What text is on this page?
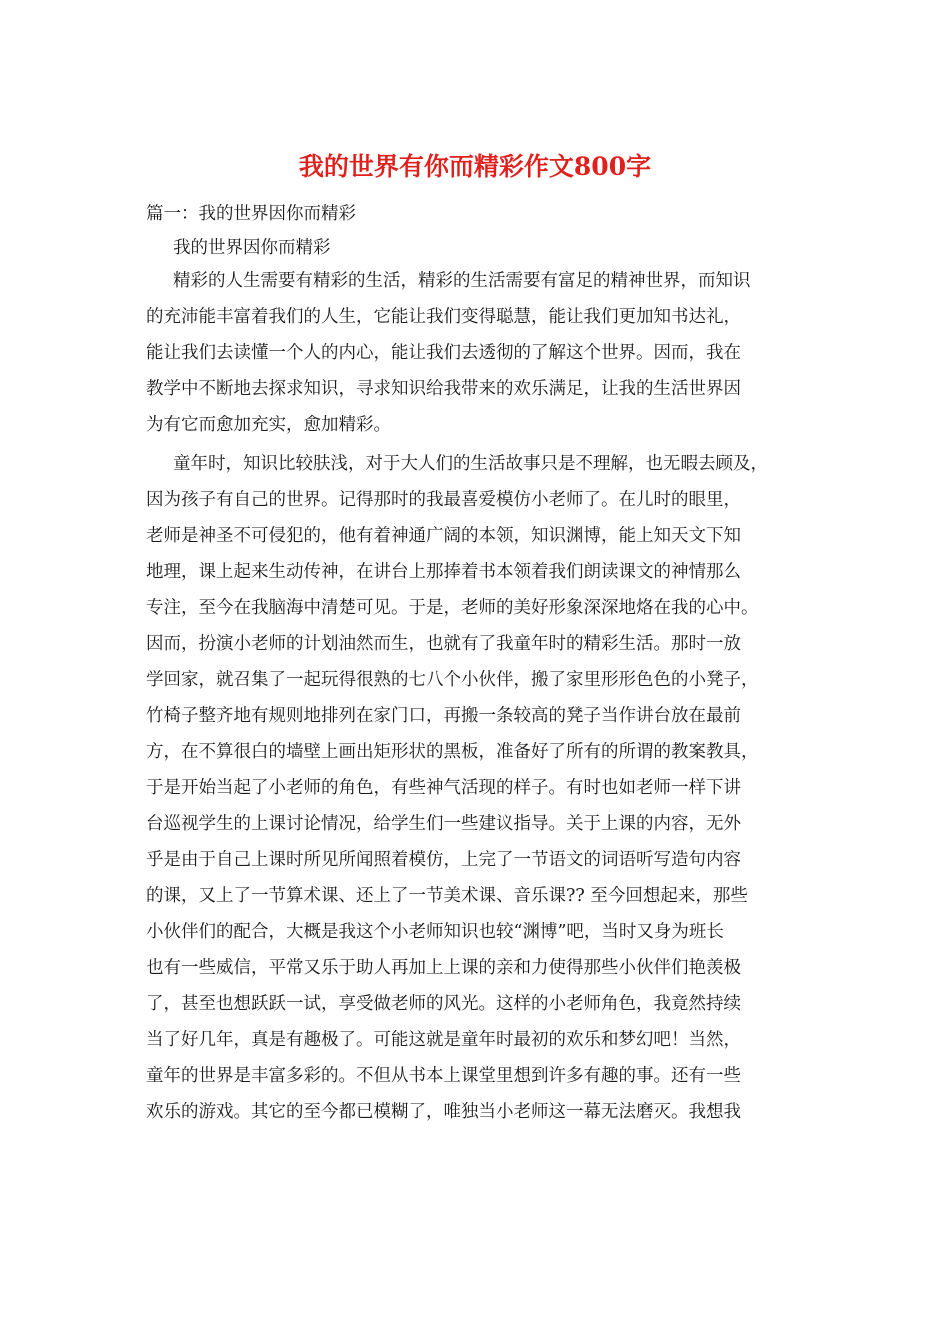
我的世界有你而精彩作文800字

篇一：我的世界因你而精彩

我的世界因你而精彩

精彩的人生需要有精彩的生活，精彩的生活需要有富足的精神世界，而知识

的充沛能丰富着我们的人生，它能让我们变得聪慧，能让我们更加知书达礼，

能让我们去读懂一个人的内心，能让我们去透彻的了解这个世界。因而，我在

教学中不断地去探求知识，寻求知识给我带来的欢乐满足，让我的生活世界因

为有它而愈加充实，愈加精彩。

童年时，知识比较肤浅，对于大人们的生活故事只是不理解，也无暇去顾及，

因为孩子有自己的世界。记得那时的我最喜爱模仿小老师了。在儿时的眼里，

老师是神圣不可侵犯的，他有着神通广阔的本领，知识渊博，能上知天文下知

地理，课上起来生动传神，在讲台上那捧着书本领着我们朗读课文的神情那么

专注，至今在我脑海中清楚可见。于是，老师的美好形象深深地烙在我的心中。

因而，扮演小老师的计划油然而生，也就有了我童年时的精彩生活。那时一放

学回家，就召集了一起玩得很熟的七八个小伙伴，搬了家里形形色色的小凳子，

竹椅子整齐地有规则地排列在家门口，再搬一条较高的凳子当作讲台放在最前

方，在不算很白的墙壁上画出矩形状的黑板，准备好了所有的所谓的教案教具，

于是开始当起了小老师的角色，有些神气活现的样子。有时也如老师一样下讲

台巡视学生的上课讨论情况，给学生们一些建议指导。关于上课的内容，无外

乎是由于自己上课时所见所闻照着模仿，上完了一节语文的词语听写造句内容

的课，又上了一节算术课、还上了一节美术课、音乐课?? 至今回想起来，那些

小伙伴们的配合，大概是我这个小老师知识也较“渊博”吧，当时又身为班长

也有一些威信，平常又乐于助人再加上上课的亲和力使得那些小伙伴们艳羡极

了，甚至也想跃跃一试，享受做老师的风光。这样的小老师角色，我竟然持续

当了好几年，真是有趣极了。可能这就是童年时最初的欢乐和梦幻吧！当然，

童年的世界是丰富多彩的。不但从书本上课堂里想到许多有趣的事。还有一些

欢乐的游戏。其它的至今都已模糊了，唯独当小老师这一幕无法磨灭。我想我
